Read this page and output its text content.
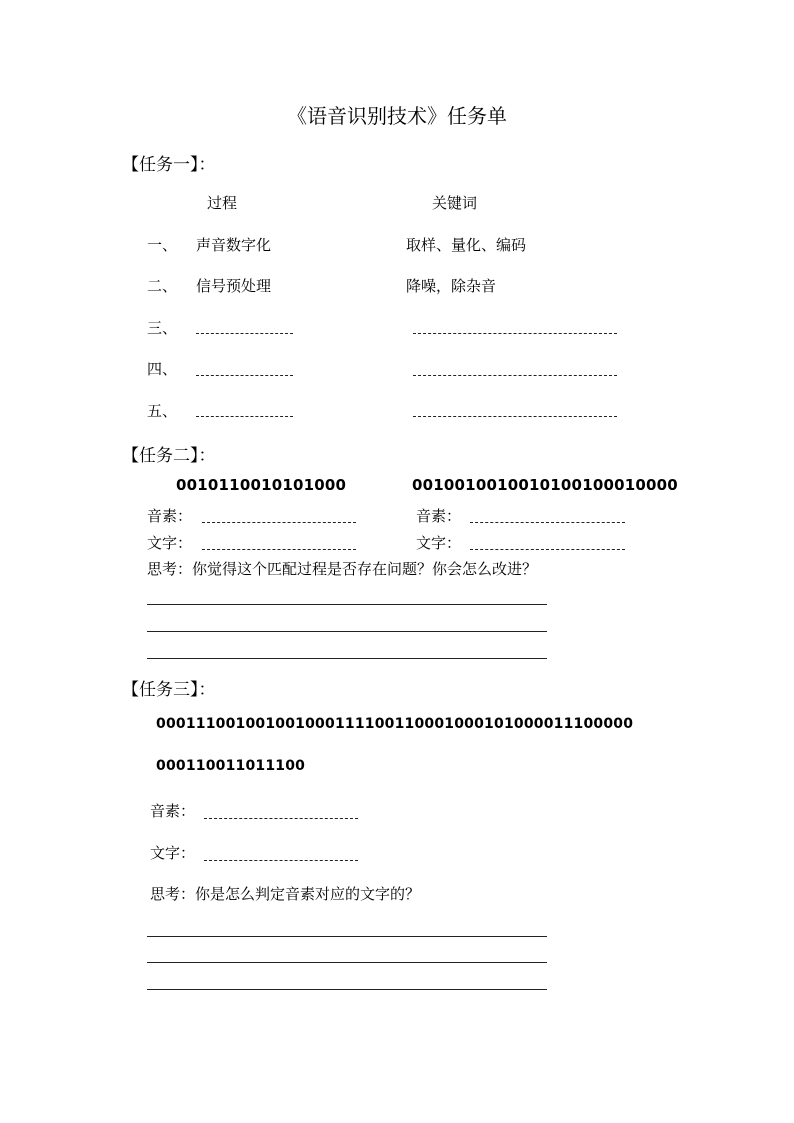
《语音识别技术》任务单
【任务一】：
过程	关键词
一、 声音数字化	取样、量化、编码
二、 信号预处理	降噪，除杂音
三、
四、
五、
【任务二】：
0010110010101000	0010010010010100100010000
音素：	音素：
文字：	文字：
思考：你觉得这个匹配过程是否存在问题？你会怎么改进？
【任务三】：
000111001001001000111100110001000101000011100000
000110011011100
音素：
文字：
思考：你是怎么判定音素对应的文字的？
